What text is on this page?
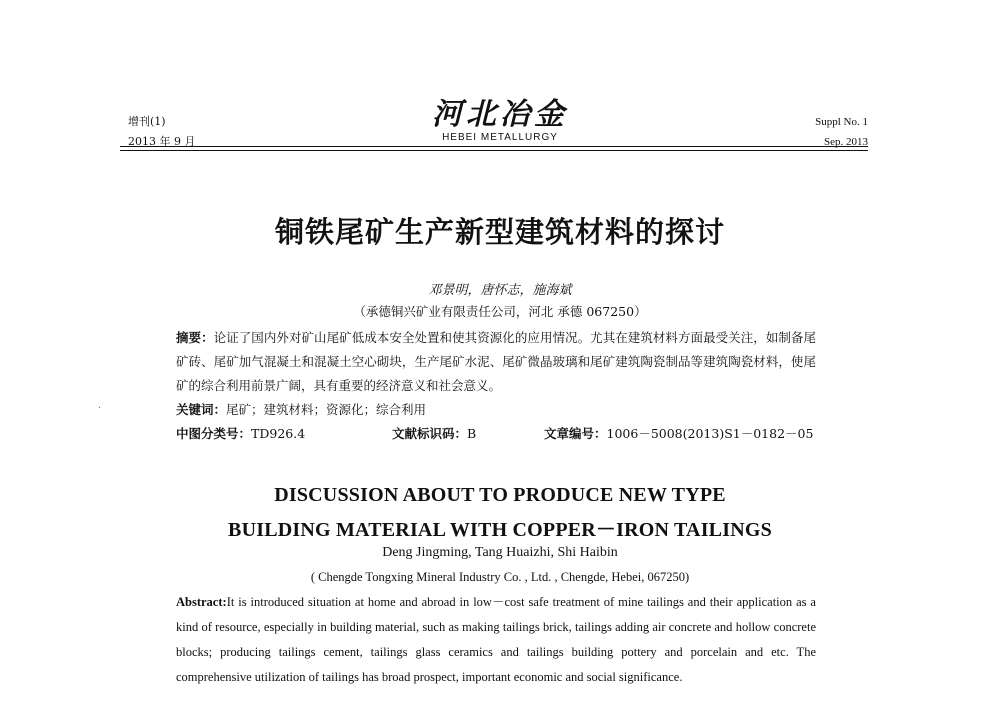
增刊(1)
2013 年 9 月
河北冶金
HEBEI METALLURGY
Suppl No. 1
Sep. 2013
铜铁尾矿生产新型建筑材料的探讨
邓景明，唐怀志，施海斌
（承德铜兴矿业有限责任公司，河北 承德 067250）
摘要：论证了国内外对矿山尾矿低成本安全处置和使其资源化的应用情况。尤其在建筑材料方面最受关注，如制备尾矿砖、尾矿加气混凝土和混凝土空心砌块，生产尾矿水泥、尾矿微晶玻璃和尾矿建筑陶瓷制品等建筑陶瓷材料，使尾矿的综合利用前景广阔，具有重要的经济意义和社会意义。
关键词：尾矿；建筑材料；资源化；综合利用
中图分类号：TD926.4	文献标识码：B	文章编号：1006－5008(2013)S1－0182－05
DISCUSSION ABOUT TO PRODUCE NEW TYPE
BUILDING MATERIAL WITH COPPER－IRON TAILINGS
Deng Jingming, Tang Huaizhi, Shi Haibin
( Chengde Tongxing Mineral Industry Co. , Ltd. , Chengde, Hebei, 067250)
Abstract:It is introduced situation at home and abroad in low－cost safe treatment of mine tailings and their application as a kind of resource, especially in building material, such as making tailings brick, tailings adding air concrete and hollow concrete blocks; producing tailings cement, tailings glass ceramics and tailings building pottery and porcelain and etc. The comprehensive utilization of tailings has broad prospect, important economic and social significance.
·
